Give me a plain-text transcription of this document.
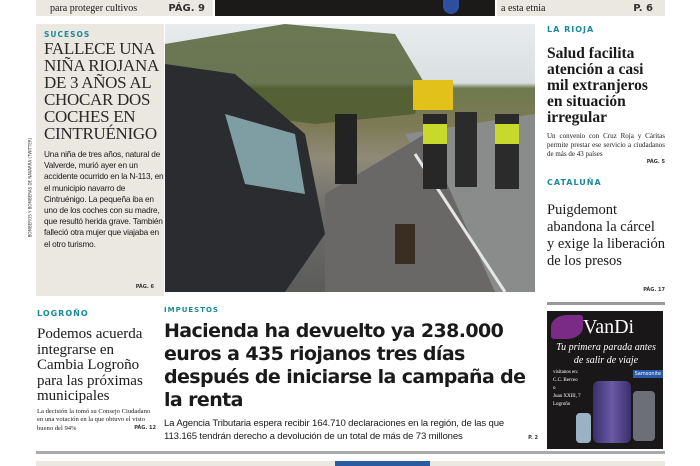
para proteger cultivos	PÁG. 9	a esta etnia	P. 6
BOMBEROS Y BOMBERAS DE NAVARRA (TWITTER)
SUCESOS
FALLECE UNA NIÑA RIOJANA DE 3 AÑOS AL CHOCAR DOS COCHES EN CINTRUÉNIGO
Una niña de tres años, natural de Valverde, murió ayer en un accidente ocurrido en la N-113, en el municipio navarro de Cintruénigo. La pequeña iba en uno de los coches con su madre, que resultó herida grave. También falleció otra mujer que viajaba en el otro turismo.
PÁG. 6
LA RIOJA
Salud facilita atención a casi mil extranjeros en situación irregular
Un convenio con Cruz Roja y Cáritas permite prestar ese servicio a ciudadanos de más de 43 países
PÁG. 5
CATALUÑA
Puigdemont abandona la cárcel y exige la liberación de los presos
PÁG. 17
LOGROÑO
Podemos acuerda integrarse en Cambia Logroño para las próximas municipales
La decisión la tomó su Consejo Ciudadano en una votación en la que obtuvo el visto bueno del 94%	PÁG. 12
IMPUESTOS
Hacienda ha devuelto ya 238.000 euros a 435 riojanos tres días después de iniciarse la campaña de la renta
La Agencia Tributaria espera recibir 164.710 declaraciones en la región, de las que 113.165 tendrán derecho a devolución de un total de más de 73 millones	P. 2
VanDi
Tu primera parada antes de salir de viaje
Samsonite
visítanos en:
C.C. Berceo
o
Juan XXIII, 7
Logroño
